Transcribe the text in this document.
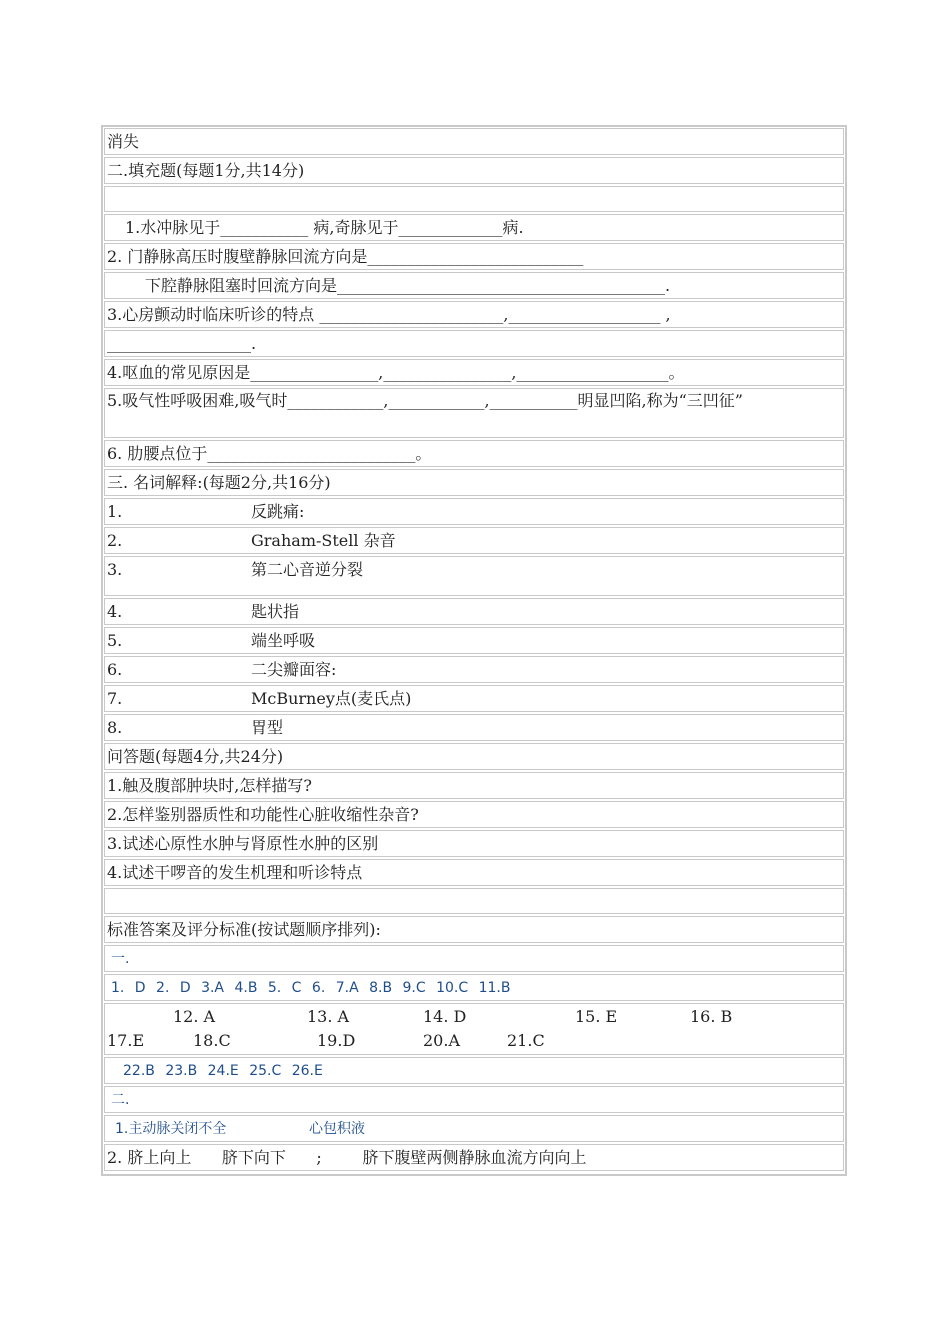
消失
二.填充题(每题1分,共14分)
1.水冲脉见于___________ 病,奇脉见于_____________病.
2. 门静脉高压时腹壁静脉回流方向是___________________________
下腔静脉阻塞时回流方向是_________________________________________.
3.心房颤动时临床听诊的特点 _______________________,___________________ ,
__________________.
4.呕血的常见原因是________________,________________,___________________。
5.吸气性呼吸困难,吸气时____________,____________,___________明显凹陷,称为“三凹征”
6. 肋腰点位于__________________________。
三. 名词解释:(每题2分,共16分)
1.	反跳痛:
2.	Graham-Stell 杂音
3.	第二心音逆分裂
4.	匙状指
5.	端坐呼吸
6.	二尖瓣面容:
7.	McBurney点(麦氏点)
8.	胃型
问答题(每题4分,共24分)
1.触及腹部肿块时,怎样描写?
2.怎样鉴别器质性和功能性心脏收缩性杂音?
3.试述心原性水肿与肾原性水肿的区别
4.试述干啰音的发生机理和听诊特点
标准答案及评分标准(按试题顺序排列):
一.
1. D 2. D 3.A 4.B 5. C 6. 7.A 8.B 9.C 10.C 11.B
12. A	13. A	14. D	15. E	16. B
17.E	18.C	19.D	20.A	21.C
22.B 23.B 24.E 25.C 26.E
二.
1.主动脉关闭不全	心包积液
2. 脐上向上      脐下向下      ;        脐下腹壁两侧静脉血流方向向上
